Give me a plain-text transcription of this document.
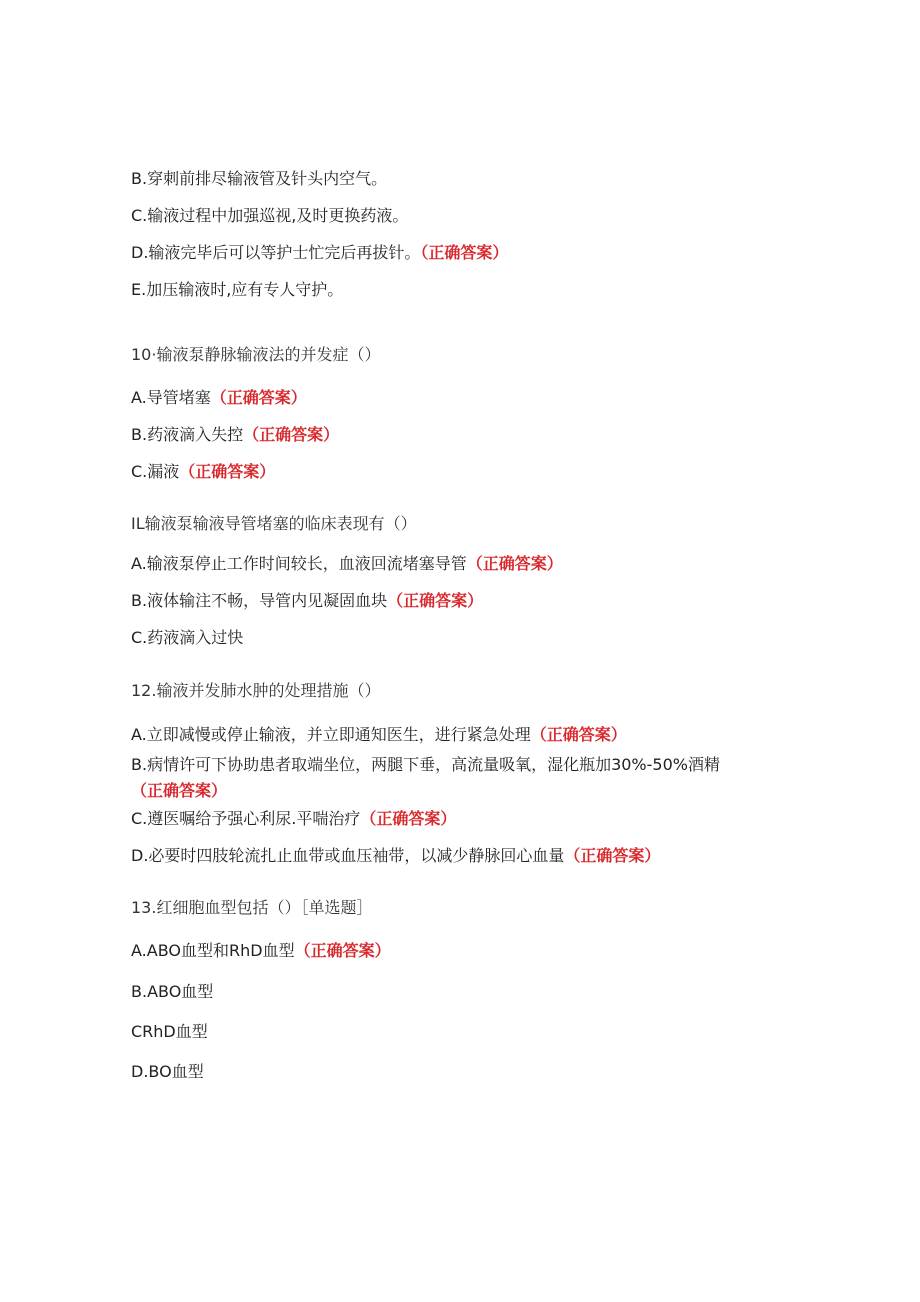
B.穿刺前排尽输液管及针头内空气。
C.输液过程中加强巡视,及时更换药液。
D.输液完毕后可以等护士忙完后再拔针。（正确答案）
E.加压输液时,应有专人守护。
10·输液泵静脉输液法的并发症（）
A.导管堵塞（正确答案）
B.药液滴入失控（正确答案）
C.漏液（正确答案）
IL输液泵输液导管堵塞的临床表现有（）
A.输液泵停止工作时间较长，血液回流堵塞导管（正确答案）
B.液体输注不畅，导管内见凝固血块（正确答案）
C.药液滴入过快
12.输液并发肺水肿的处理措施（）
A.立即减慢或停止输液，并立即通知医生，进行紧急处理（正确答案）
B.病情许可下协助患者取端坐位，两腿下垂，高流量吸氧，湿化瓶加30%-50%酒精
（正确答案）
C.遵医嘱给予强心利尿.平喘治疗（正确答案）
D.必要时四肢轮流扎止血带或血压袖带，以减少静脉回心血量（正确答案）
13.红细胞血型包括（）［单选题］
A.ABO血型和RhD血型（正确答案）
B.ABO血型
CRhD血型
D.BO血型
